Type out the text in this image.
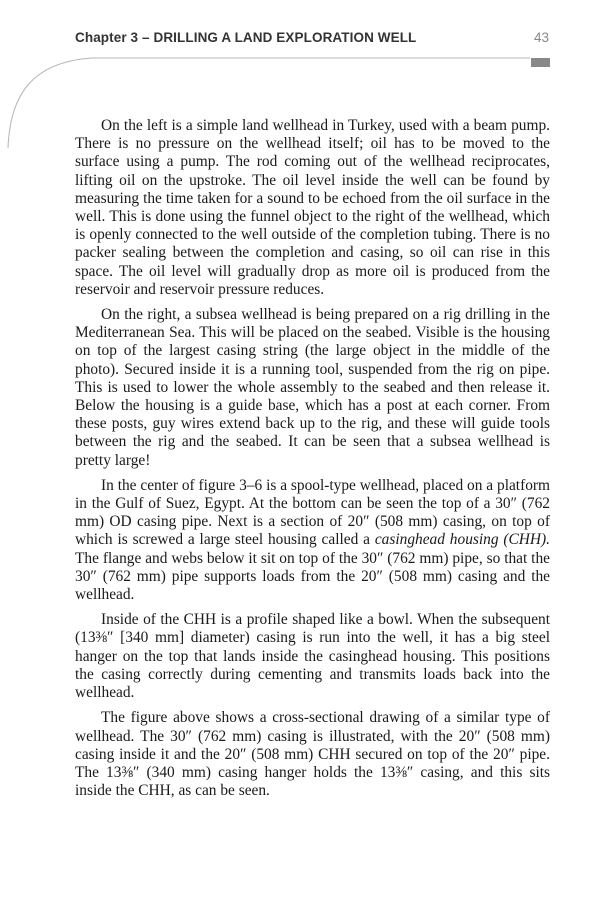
Chapter 3 – DRILLING A LAND EXPLORATION WELL	43

On the left is a simple land wellhead in Turkey, used with a beam pump. There is no pressure on the wellhead itself; oil has to be moved to the surface using a pump. The rod coming out of the wellhead reciprocates, lifting oil on the upstroke. The oil level inside the well can be found by measuring the time taken for a sound to be echoed from the oil surface in the well. This is done using the funnel object to the right of the wellhead, which is openly connected to the well outside of the completion tubing. There is no packer sealing between the completion and casing, so oil can rise in this space. The oil level will gradually drop as more oil is produced from the reservoir and reservoir pressure reduces.

On the right, a subsea wellhead is being prepared on a rig drilling in the Mediterranean Sea. This will be placed on the seabed. Visible is the housing on top of the largest casing string (the large object in the middle of the photo). Secured inside it is a running tool, suspended from the rig on pipe. This is used to lower the whole assembly to the seabed and then release it. Below the housing is a guide base, which has a post at each corner. From these posts, guy wires extend back up to the rig, and these will guide tools between the rig and the seabed. It can be seen that a subsea wellhead is pretty large!

In the center of figure 3–6 is a spool-type wellhead, placed on a platform in the Gulf of Suez, Egypt. At the bottom can be seen the top of a 30″ (762 mm) OD casing pipe. Next is a section of 20″ (508 mm) casing, on top of which is screwed a large steel housing called a casinghead housing (CHH). The flange and webs below it sit on top of the 30″ (762 mm) pipe, so that the 30″ (762 mm) pipe supports loads from the 20″ (508 mm) casing and the wellhead.

Inside of the CHH is a profile shaped like a bowl. When the subsequent (13⅜″ [340 mm] diameter) casing is run into the well, it has a big steel hanger on the top that lands inside the casinghead housing. This positions the casing correctly during cementing and transmits loads back into the wellhead.

The figure above shows a cross-sectional drawing of a similar type of wellhead. The 30″ (762 mm) casing is illustrated, with the 20″ (508 mm) casing inside it and the 20″ (508 mm) CHH secured on top of the 20″ pipe. The 13⅜″ (340 mm) casing hanger holds the 13⅜″ casing, and this sits inside the CHH, as can be seen.
